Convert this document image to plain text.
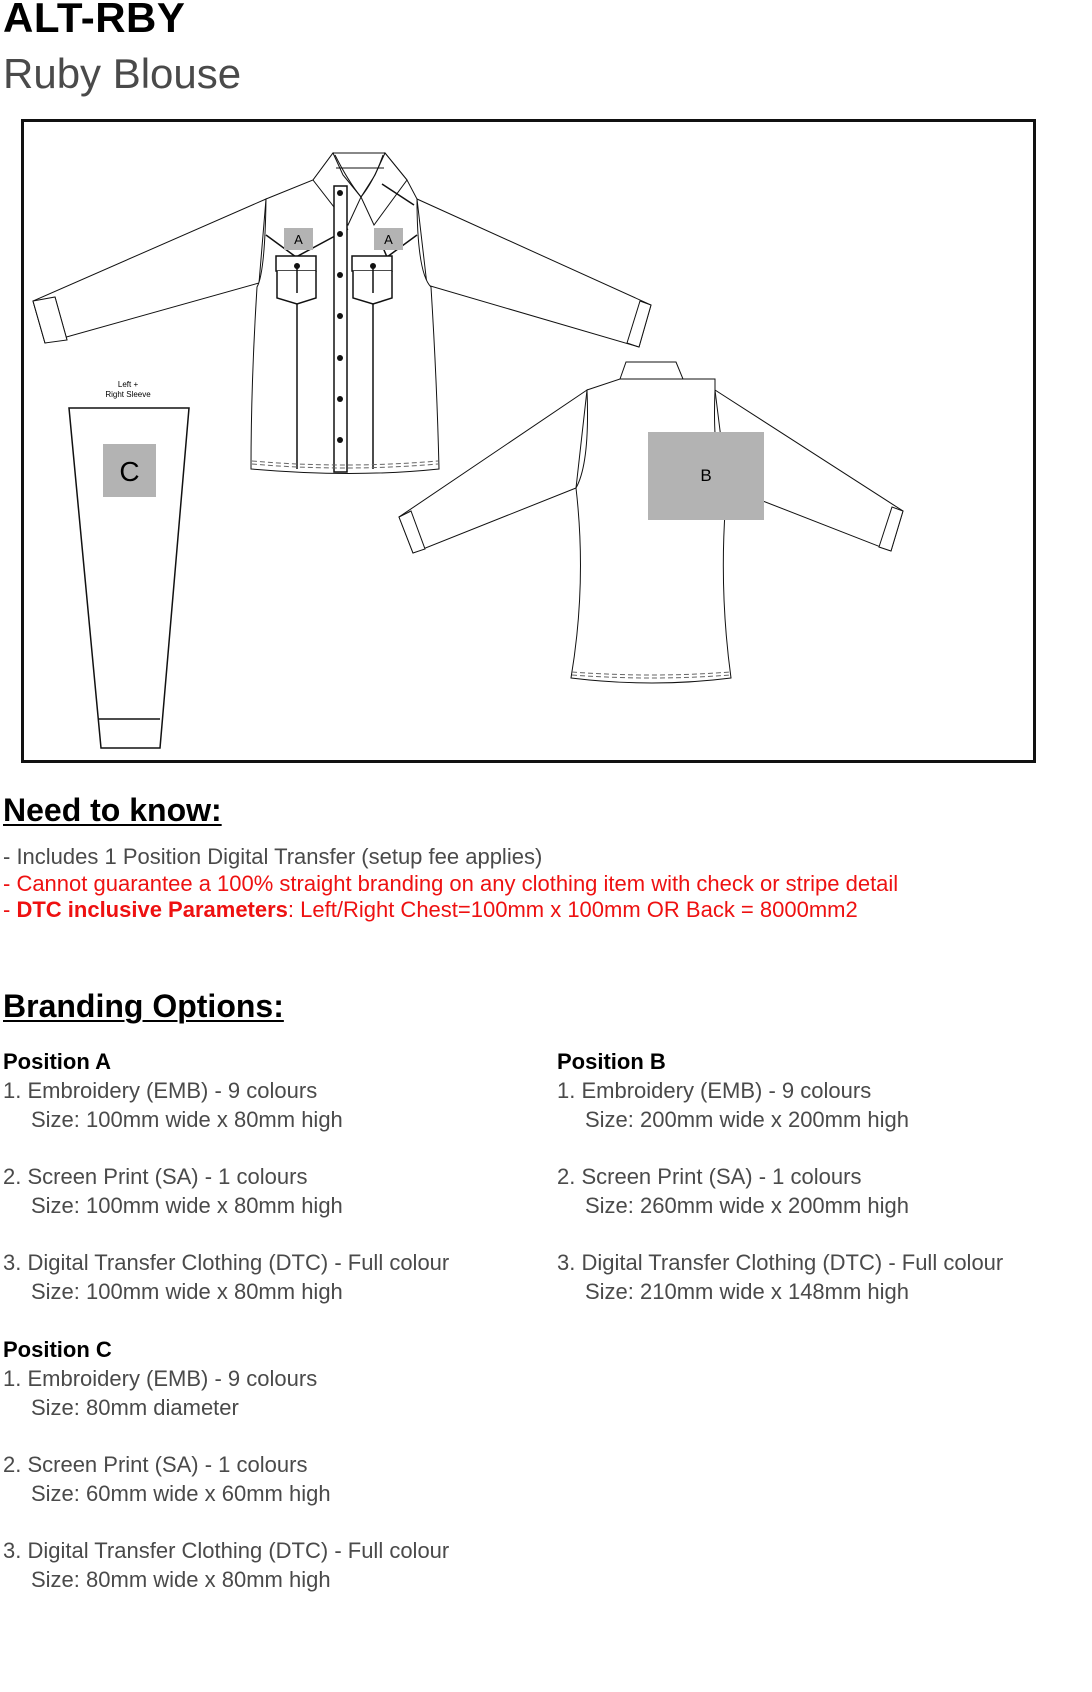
ALT-RBY
Ruby Blouse
A	A
B
C
Left +
Right Sleeve
Need to know:
- Includes 1 Position Digital Transfer (setup fee applies)
- Cannot guarantee a 100% straight branding on any clothing item with check or stripe detail
- DTC inclusive Parameters: Left/Right Chest=100mm x 100mm OR Back = 8000mm2
Branding Options:
Position A
1. Embroidery (EMB) - 9 colours
Size: 100mm wide x 80mm high
2. Screen Print (SA) - 1 colours
Size: 100mm wide x 80mm high
3. Digital Transfer Clothing (DTC) - Full colour
Size: 100mm wide x 80mm high
Position B
1. Embroidery (EMB) - 9 colours
Size: 200mm wide x 200mm high
2. Screen Print (SA) - 1 colours
Size: 260mm wide x 200mm high
3. Digital Transfer Clothing (DTC) - Full colour
Size: 210mm wide x 148mm high
Position C
1. Embroidery (EMB) - 9 colours
Size: 80mm diameter
2. Screen Print (SA) - 1 colours
Size: 60mm wide x 60mm high
3. Digital Transfer Clothing (DTC) - Full colour
Size: 80mm wide x 80mm high
